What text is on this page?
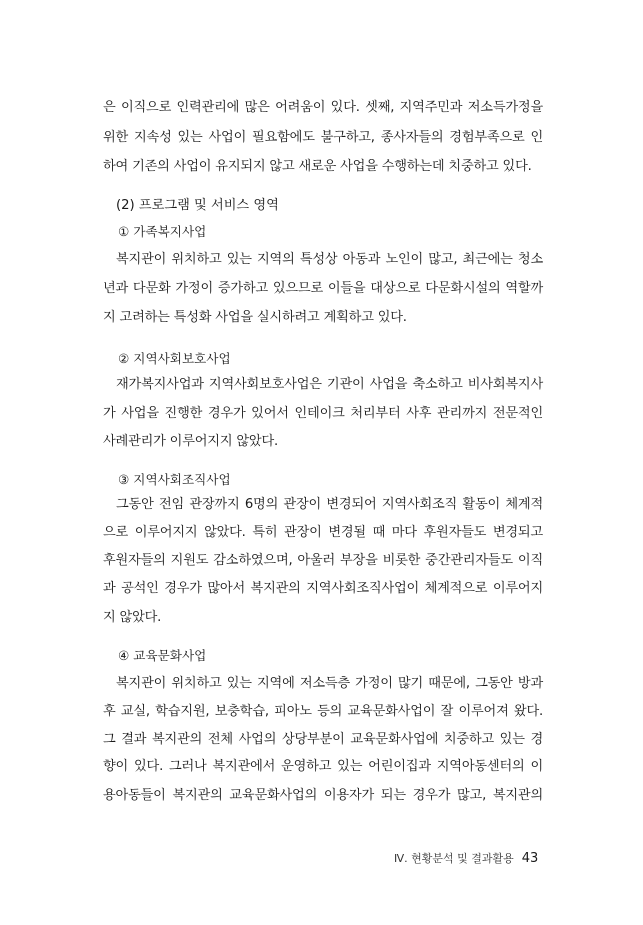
은 이직으로 인력관리에 많은 어려움이 있다. 셋째, 지역주민과 저소득가정을
위한 지속성 있는 사업이 필요함에도 불구하고, 종사자들의 경험부족으로 인
하여 기존의 사업이 유지되지 않고 새로운 사업을 수행하는데 치중하고 있다.
(2) 프로그램 및 서비스 영역
① 가족복지사업
복지관이 위치하고 있는 지역의 특성상 아동과 노인이 많고, 최근에는 청소
년과 다문화 가정이 증가하고 있으므로 이들을 대상으로 다문화시설의 역할까
지 고려하는 특성화 사업을 실시하려고 계획하고 있다.
② 지역사회보호사업
재가복지사업과 지역사회보호사업은 기관이 사업을 축소하고 비사회복지사
가 사업을 진행한 경우가 있어서 인테이크 처리부터 사후 관리까지 전문적인
사례관리가 이루어지지 않았다.
③ 지역사회조직사업
그동안 전임 관장까지 6명의 관장이 변경되어 지역사회조직 활동이 체계적
으로 이루어지지 않았다. 특히 관장이 변경될 때 마다 후원자들도 변경되고
후원자들의 지원도 감소하였으며, 아울러 부장을 비롯한 중간관리자들도 이직
과 공석인 경우가 많아서 복지관의 지역사회조직사업이 체계적으로 이루어지
지 않았다.
④ 교육문화사업
복지관이 위치하고 있는 지역에 저소득층 가정이 많기 때문에, 그동안 방과
후 교실, 학습지원, 보충학습, 피아노 등의 교육문화사업이 잘 이루어져 왔다.
그 결과 복지관의 전체 사업의 상당부분이 교육문화사업에 치중하고 있는 경
향이 있다. 그러나 복지관에서 운영하고 있는 어린이집과 지역아동센터의 이
용아동들이 복지관의 교육문화사업의 이용자가 되는 경우가 많고, 복지관의
Ⅳ. 현황분석 및 결과활용 43
